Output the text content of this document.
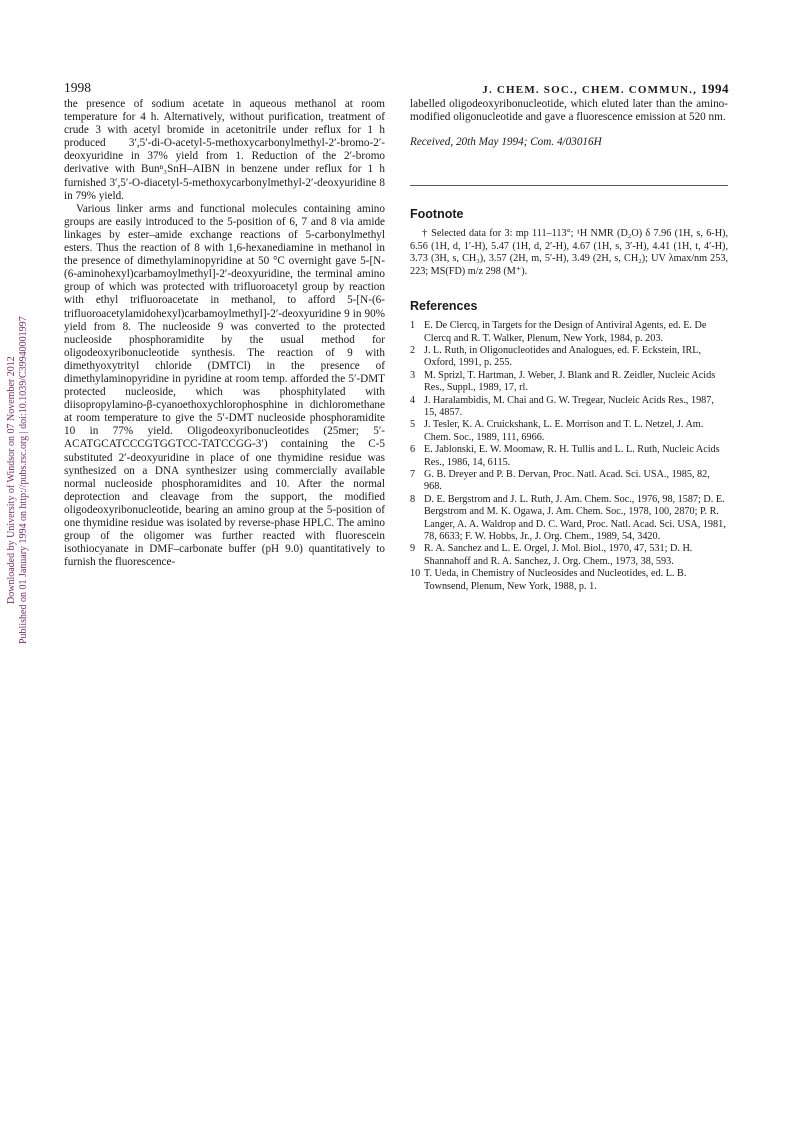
1998	J. CHEM. SOC., CHEM. COMMUN., 1994
Downloaded by University of Windsor on 07 November 2012 Published on 01 January 1994 on http://pubs.rsc.org | doi:10.1039/C39940001997

the presence of sodium acetate in aqueous methanol at room temperature for 4 h. Alternatively, without purification, treatment of crude 3 with acetyl bromide in acetonitrile under reflux for 1 h produced 3′,5′-di-O-acetyl-5-methoxycarbonylmethyl-2′-bromo-2′-deoxyuridine in 37% yield from 1. Reduction of the 2′-bromo derivative with Bunⁿ₃SnH–AIBN in benzene under reflux for 1 h furnished 3′,5′-O-diacetyl-5-methoxycarbonylmethyl-2′-deoxyuridine 8 in 79% yield.

Various linker arms and functional molecules containing amino groups are easily introduced to the 5-position of 6, 7 and 8 via amide linkages by ester–amide exchange reactions of 5-carbonylmethyl esters. Thus the reaction of 8 with 1,6-hexanediamine in methanol in the presence of dimethylaminopyridine at 50 °C overnight gave 5-[N-(6-aminohexyl)carbamoylmethyl]-2′-deoxyuridine, the terminal amino group of which was protected with trifluoroacetyl group by reaction with ethyl trifluoroacetate in methanol, to afford 5-[N-(6-trifluoroacetylamidohexyl)carbamoylmethyl]-2′-deoxyuridine 9 in 90% yield from 8. The nucleoside 9 was converted to the protected nucleoside phosphoramidite by the usual method for oligodeoxyribonucleotide synthesis. The reaction of 9 with dimethyoxytrityl chloride (DMTCl) in the presence of dimethylaminopyridine in pyridine at room temp. afforded the 5′-DMT protected nucleoside, which was phosphitylated with diisopropylamino-β-cyanoethoxychlorophosphine in dichloromethane at room temperature to give the 5′-DMT nucleoside phosphoramidite 10 in 77% yield. Oligodeoxyribonucleotides (25mer; 5′-ACATGCATCCCGTGGTCC-TATCCGG-3′) containing the C-5 substituted 2′-deoxyuridine in place of one thymidine residue was synthesized on a DNA synthesizer using commercially available normal nucleoside phosphoramidites and 10. After the normal deprotection and cleavage from the support, the modified oligodeoxyribonucleotide, bearing an amino group at the 5-position of one thymidine residue was isolated by reverse-phase HPLC. The amino group of the oligomer was further reacted with fluorescein isothiocyanate in DMF–carbonate buffer (pH 9.0) quantitatively to furnish the fluorescence-

labelled oligodeoxyribonucleotide, which eluted later than the amino-modified oligonucleotide and gave a fluorescence emission at 520 nm.

Received, 20th May 1994; Com. 4/03016H

Footnote

† Selected data for 3: mp 111–113°; ¹H NMR (D₂O) δ 7.96 (1H, s, 6-H), 6.56 (1H, d, 1′-H), 5.47 (1H, d, 2′-H), 4.67 (1H, s, 3′-H), 4.41 (1H, t, 4′-H), 3.73 (3H, s, CH₃), 3.57 (2H, m, 5′-H), 3.49 (2H, s, CH₂); UV λmax/nm 253, 223; MS(FD) m/z 298 (M⁺).

References
1 E. De Clercq, in Targets for the Design of Antiviral Agents, ed. E. De Clercq and R. T. Walker, Plenum, New York, 1984, p. 203.
2 J. L. Ruth, in Oligonucleotides and Analogues, ed. F. Eckstein, IRL, Oxford, 1991, p. 255.
3 M. Sprizl, T. Hartman, J. Weber, J. Blank and R. Zeidler, Nucleic Acids Res., Suppl., 1989, 17, rl.
4 J. Haralambidis, M. Chai and G. W. Tregear, Nucleic Acids Res., 1987, 15, 4857.
5 J. Tesler, K. A. Cruickshank, L. E. Morrison and T. L. Netzel, J. Am. Chem. Soc., 1989, 111, 6966.
6 E. Jablonski, E. W. Moomaw, R. H. Tullis and L. L. Ruth, Nucleic Acids Res., 1986, 14, 6115.
7 G. B. Dreyer and P. B. Dervan, Proc. Natl. Acad. Sci. USA., 1985, 82, 968.
8 D. E. Bergstrom and J. L. Ruth, J. Am. Chem. Soc., 1976, 98, 1587; D. E. Bergstrom and M. K. Ogawa, J. Am. Chem. Soc., 1978, 100, 2870; P. R. Langer, A. A. Waldrop and D. C. Ward, Proc. Natl. Acad. Sci. USA, 1981, 78, 6633; F. W. Hobbs, Jr., J. Org. Chem., 1989, 54, 3420.
9 R. A. Sanchez and L. E. Orgel, J. Mol. Biol., 1970, 47, 531; D. H. Shannahoff and R. A. Sanchez, J. Org. Chem., 1973, 38, 593.
10 T. Ueda, in Chemistry of Nucleosides and Nucleotides, ed. L. B. Townsend, Plenum, New York, 1988, p. 1.
